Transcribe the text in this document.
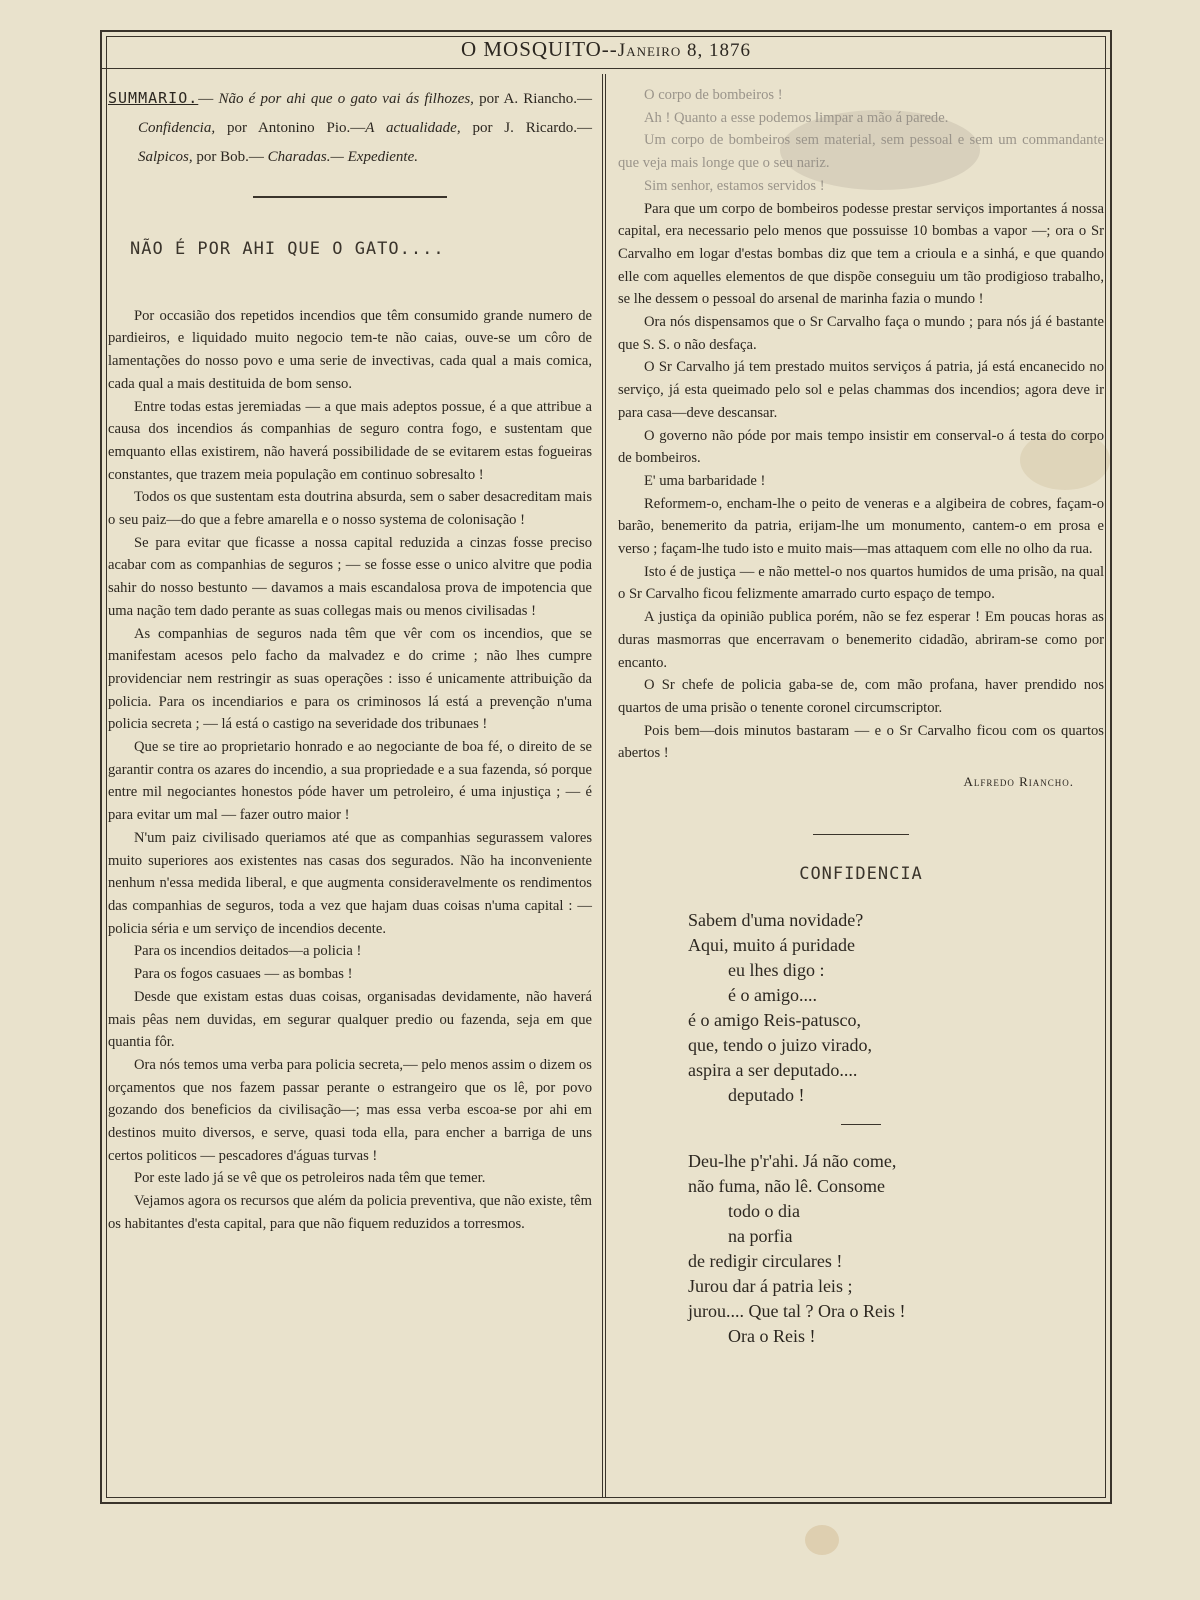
O MOSQUITO--Janeiro 8, 1876

SUMMARIO.— Não é por ahi que o gato vai ás filhozes, por A. Riancho.— Confidencia, por Antonino Pio.—A actualidade, por J. Ricardo.— Salpicos, por Bob.— Charadas.— Expediente.

NÃO É POR AHI QUE O GATO....

Por occasião dos repetidos incendios que têm consumido grande numero de pardieiros, e liquidado muito negocio tem-te não caias, ouve-se um côro de lamentações do nosso povo e uma serie de invectivas, cada qual a mais comica, cada qual a mais destituida de bom senso.

Entre todas estas jeremiadas — a que mais adeptos possue, é a que attribue a causa dos incendios ás companhias de seguro contra fogo, e sustentam que emquanto ellas existirem, não haverá possibilidade de se evitarem estas fogueiras constantes, que trazem meia população em continuo sobresalto !

Todos os que sustentam esta doutrina absurda, sem o saber desacreditam mais o seu paiz—do que a febre amarella e o nosso systema de colonisação !

Se para evitar que ficasse a nossa capital reduzida a cinzas fosse preciso acabar com as companhias de seguros ; — se fosse esse o unico alvitre que podia sahir do nosso bestunto — davamos a mais escandalosa prova de impotencia que uma nação tem dado perante as suas collegas mais ou menos civilisadas !

As companhias de seguros nada têm que vêr com os incendios, que se manifestam acesos pelo facho da malvadez e do crime ; não lhes cumpre providenciar nem restringir as suas operações : isso é unicamente attribuição da policia. Para os incendiarios e para os criminosos lá está a prevenção n'uma policia secreta ; — lá está o castigo na severidade dos tribunaes !

Que se tire ao proprietario honrado e ao negociante de boa fé, o direito de se garantir contra os azares do incendio, a sua propriedade e a sua fazenda, só porque entre mil negociantes honestos póde haver um petroleiro, é uma injustiça ; — é para evitar um mal — fazer outro maior !

N'um paiz civilisado queriamos até que as companhias segurassem valores muito superiores aos existentes nas casas dos segurados. Não ha inconveniente nenhum n'essa medida liberal, e que augmenta consideravelmente os rendimentos das companhias de seguros, toda a vez que hajam duas coisas n'uma capital : — policia séria e um serviço de incendios decente.

Para os incendios deitados—a policia !

Para os fogos casuaes — as bombas !

Desde que existam estas duas coisas, organisadas devidamente, não haverá mais pêas nem duvidas, em segurar qualquer predio ou fazenda, seja em que quantia fôr.

Ora nós temos uma verba para policia secreta,— pelo menos assim o dizem os orçamentos que nos fazem passar perante o estrangeiro que os lê, por povo gozando dos beneficios da civilisação—; mas essa verba escoa-se por ahi em destinos muito diversos, e serve, quasi toda ella, para encher a barriga de uns certos politicos — pescadores d'águas turvas !

Por este lado já se vê que os petroleiros nada têm que temer.

Vejamos agora os recursos que além da policia preventiva, que não existe, têm os habitantes d'esta capital, para que não fiquem reduzidos a torresmos.

O corpo de bombeiros !

Ah ! Quanto a esse podemos limpar a mão á parede.

Um corpo de bombeiros sem material, sem pessoal e sem um commandante que veja mais longe que o seu nariz.

Sim senhor, estamos servidos !

Para que um corpo de bombeiros podesse prestar serviços importantes á nossa capital, era necessario pelo menos que possuisse 10 bombas a vapor —; ora o Sr Carvalho em logar d'estas bombas diz que tem a crioula e a sinhá, e que quando elle com aquelles elementos de que dispõe conseguiu um tão prodigioso trabalho, se lhe dessem o pessoal do arsenal de marinha fazia o mundo !

Ora nós dispensamos que o Sr Carvalho faça o mundo ; para nós já é bastante que S. S. o não desfaça.

O Sr Carvalho já tem prestado muitos serviços á patria, já está encanecido no serviço, já esta queimado pelo sol e pelas chammas dos incendios; agora deve ir para casa—deve descansar.

O governo não póde por mais tempo insistir em conserval-o á testa do corpo de bombeiros.

E' uma barbaridade !

Reformem-o, encham-lhe o peito de veneras e a algibeira de cobres, façam-o barão, benemerito da patria, erijam-lhe um monumento, cantem-o em prosa e verso ; façam-lhe tudo isto e muito mais—mas attaquem com elle no olho da rua.

Isto é de justiça — e não mettel-o nos quartos humidos de uma prisão, na qual o Sr Carvalho ficou felizmente amarrado curto espaço de tempo.

A justiça da opinião publica porém, não se fez esperar ! Em poucas horas as duras masmorras que encerravam o benemerito cidadão, abriram-se como por encanto.

O Sr chefe de policia gaba-se de, com mão profana, haver prendido nos quartos de uma prisão o tenente coronel circumscriptor.

Pois bem—dois minutos bastaram — e o Sr Carvalho ficou com os quartos abertos !

Alfredo Riancho.
CONFIDENCIA
Sabem d'uma novidade?
Aqui, muito á puridade
eu lhes digo :
é o amigo....
é o amigo Reis-patusco,
que, tendo o juizo virado,
aspira a ser deputado....
deputado !
Deu-lhe p'r'ahi. Já não come,
não fuma, não lê. Consome
todo o dia
na porfia
de redigir circulares !
Jurou dar á patria leis ;
jurou.... Que tal ? Ora o Reis !
Ora o Reis !
